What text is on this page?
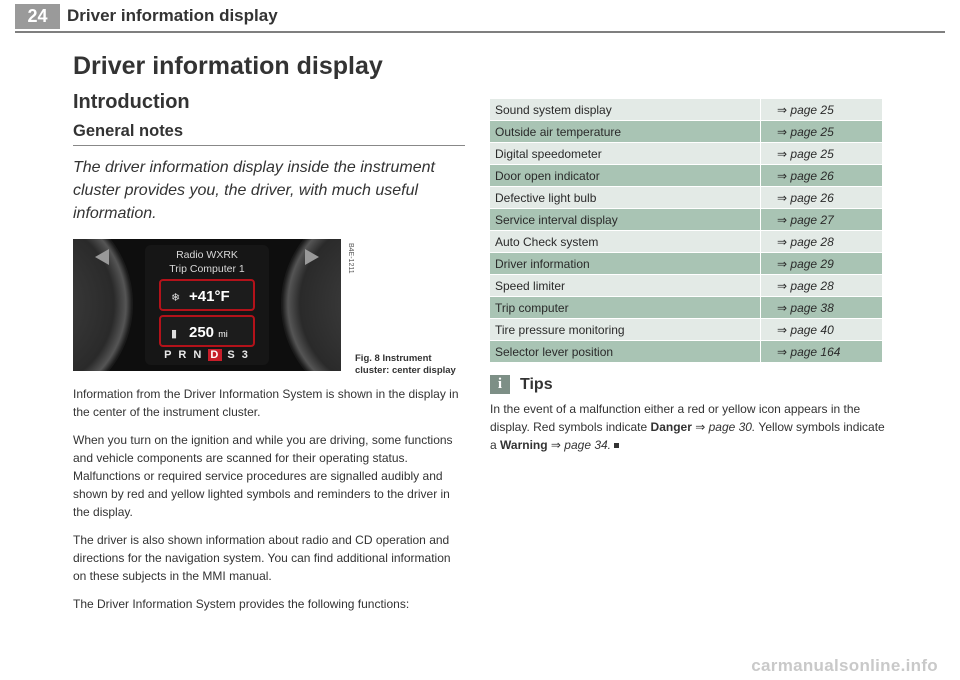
24	Driver information display
Driver information display
Introduction
General notes

The driver information display inside the instrument cluster provides you, the driver, with much useful information.

Radio WXRK
Trip Computer 1
❄ +41°F
▮ 250 mi
P R N D S 3
B4E-1211
Fig. 8 Instrument
cluster: center display

Information from the Driver Information System is shown in the display in the center of the instrument cluster.

When you turn on the ignition and while you are driving, some functions and vehicle components are scanned for their operating status. Malfunctions or required service procedures are signalled audibly and shown by red and yellow lighted symbols and reminders to the driver in the display.

The driver is also shown information about radio and CD operation and directions for the navigation system. You can find additional information on these subjects in the MMI manual.

The Driver Information System provides the following functions:

Sound system display	⇒ page 25
Outside air temperature	⇒ page 25
Digital speedometer	⇒ page 25
Door open indicator	⇒ page 26
Defective light bulb	⇒ page 26
Service interval display	⇒ page 27
Auto Check system	⇒ page 28
Driver information	⇒ page 29
Speed limiter	⇒ page 28
Trip computer	⇒ page 38
Tire pressure monitoring	⇒ page 40
Selector lever position	⇒ page 164
i	Tips
In the event of a malfunction either a red or yellow icon appears in the display. Red symbols indicate Danger ⇒ page 30. Yellow symbols indicate a Warning ⇒ page 34.
carmanualsonline.info
